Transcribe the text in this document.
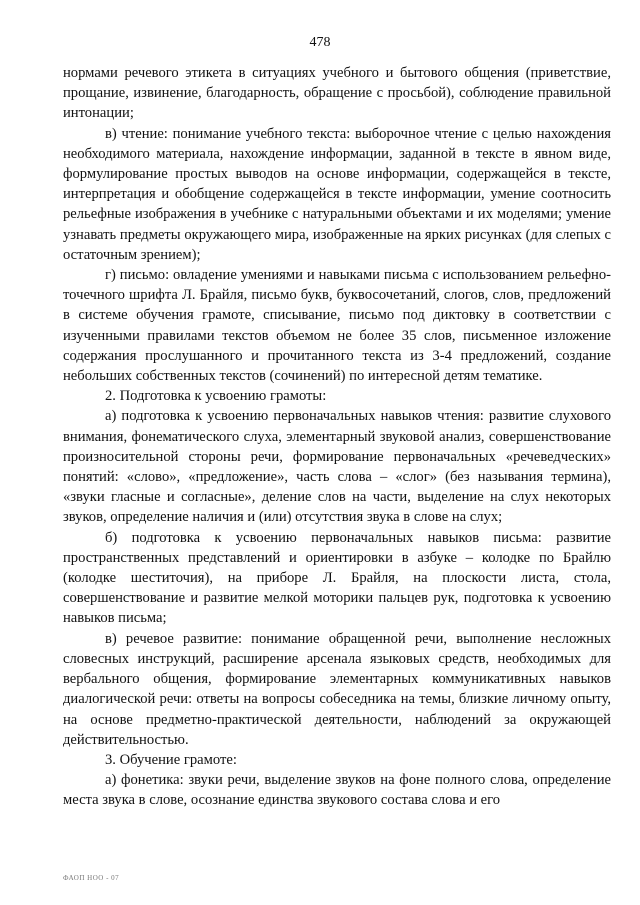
478

нормами речевого этикета в ситуациях учебного и бытового общения (приветствие, прощание, извинение, благодарность, обращение с просьбой), соблюдение правильной интонации;

в) чтение: понимание учебного текста: выборочное чтение с целью нахождения необходимого материала, нахождение информации, заданной в тексте в явном виде, формулирование простых выводов на основе информации, содержащейся в тексте, интерпретация и обобщение содержащейся в тексте информации, умение соотносить рельефные изображения в учебнике с натуральными объектами и их моделями; умение узнавать предметы окружающего мира, изображенные на ярких рисунках (для слепых с остаточным зрением);

г) письмо: овладение умениями и навыками письма с использованием рельефно-точечного шрифта Л. Брайля, письмо букв, буквосочетаний, слогов, слов, предложений в системе обучения грамоте, списывание, письмо под диктовку в соответствии с изученными правилами текстов объемом не более 35 слов, письменное изложение содержания прослушанного и прочитанного текста из 3-4 предложений, создание небольших собственных текстов (сочинений) по интересной детям тематике.

2. Подготовка к усвоению грамоты:

а) подготовка к усвоению первоначальных навыков чтения: развитие слухового внимания, фонематического слуха, элементарный звуковой анализ, совершенствование произносительной стороны речи, формирование первоначальных «речеведческих» понятий: «слово», «предложение», часть слова – «слог» (без называния термина), «звуки гласные и согласные», деление слов на части, выделение на слух некоторых звуков, определение наличия и (или) отсутствия звука в слове на слух;

б) подготовка к усвоению первоначальных навыков письма: развитие пространственных представлений и ориентировки в азбуке – колодке по Брайлю (колодке шеститочия), на приборе Л. Брайля, на плоскости листа, стола, совершенствование и развитие мелкой моторики пальцев рук, подготовка к усвоению навыков письма;

в) речевое развитие: понимание обращенной речи, выполнение несложных словесных инструкций, расширение арсенала языковых средств, необходимых для вербального общения, формирование элементарных коммуникативных навыков диалогической речи: ответы на вопросы собеседника на темы, близкие личному опыту, на основе предметно-практической деятельности, наблюдений за окружающей действительностью.

3. Обучение грамоте:

а) фонетика: звуки речи, выделение звуков на фоне полного слова, определение места звука в слове, осознание единства звукового состава слова и его

ФАОП НОО - 07
